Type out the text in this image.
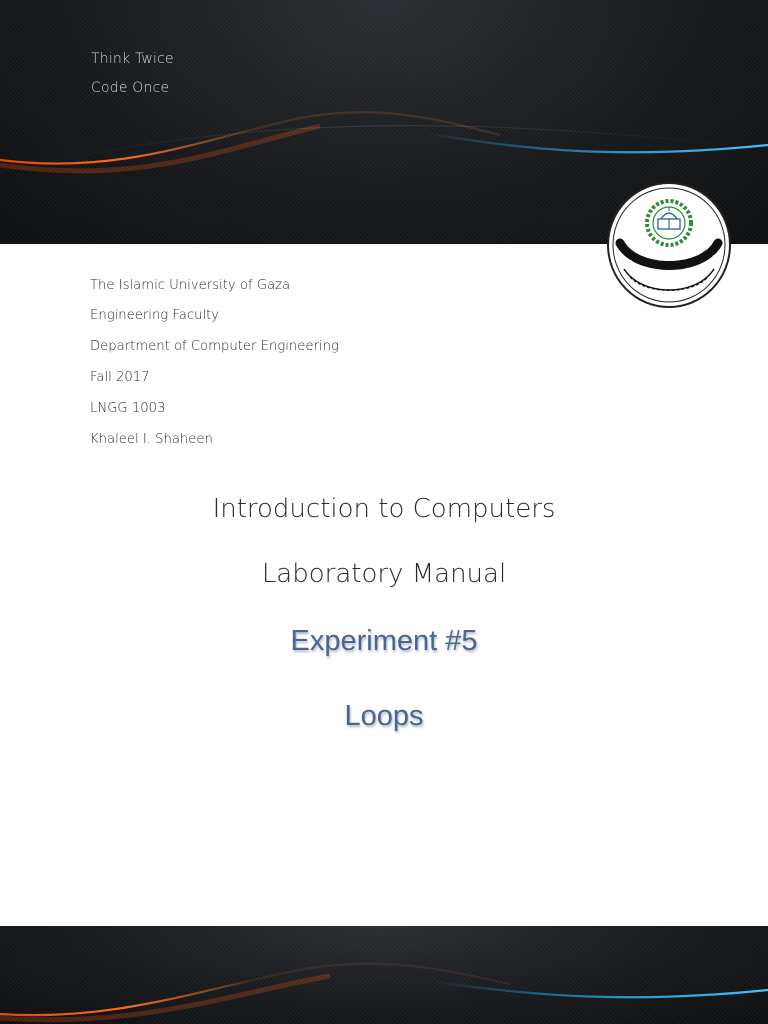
Think Twice
Code Once
The Islamic University of Gaza
Engineering Faculty
Department of Computer Engineering
Fall 2017
LNGG 1003
Khaleel I. Shaheen
Introduction to Computers
Laboratory Manual
Experiment #5
Loops
